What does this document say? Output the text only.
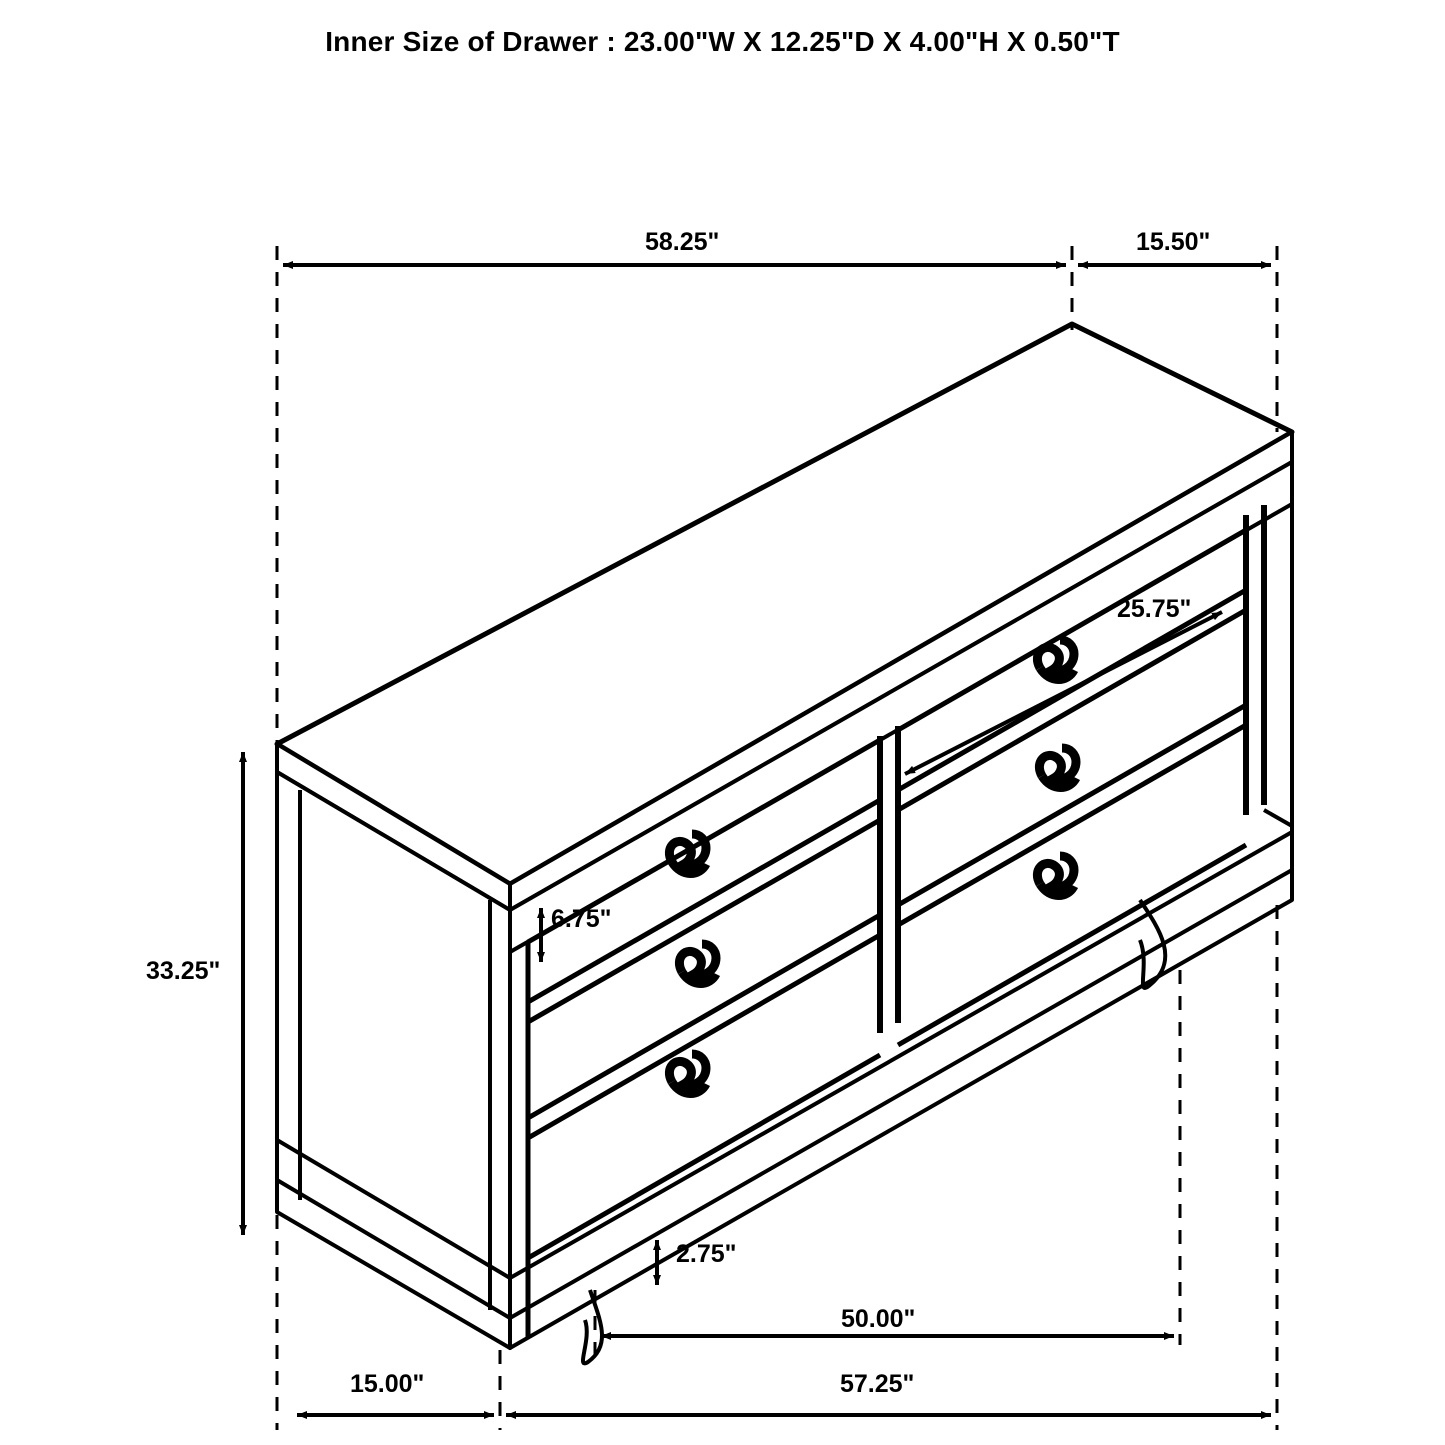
Inner Size of Drawer : 23.00"W X 12.25"D X 4.00"H X 0.50"T
58.25"	15.50"
25.75"
6.75"
33.25"
2.75"
50.00"
15.00"	57.25"
